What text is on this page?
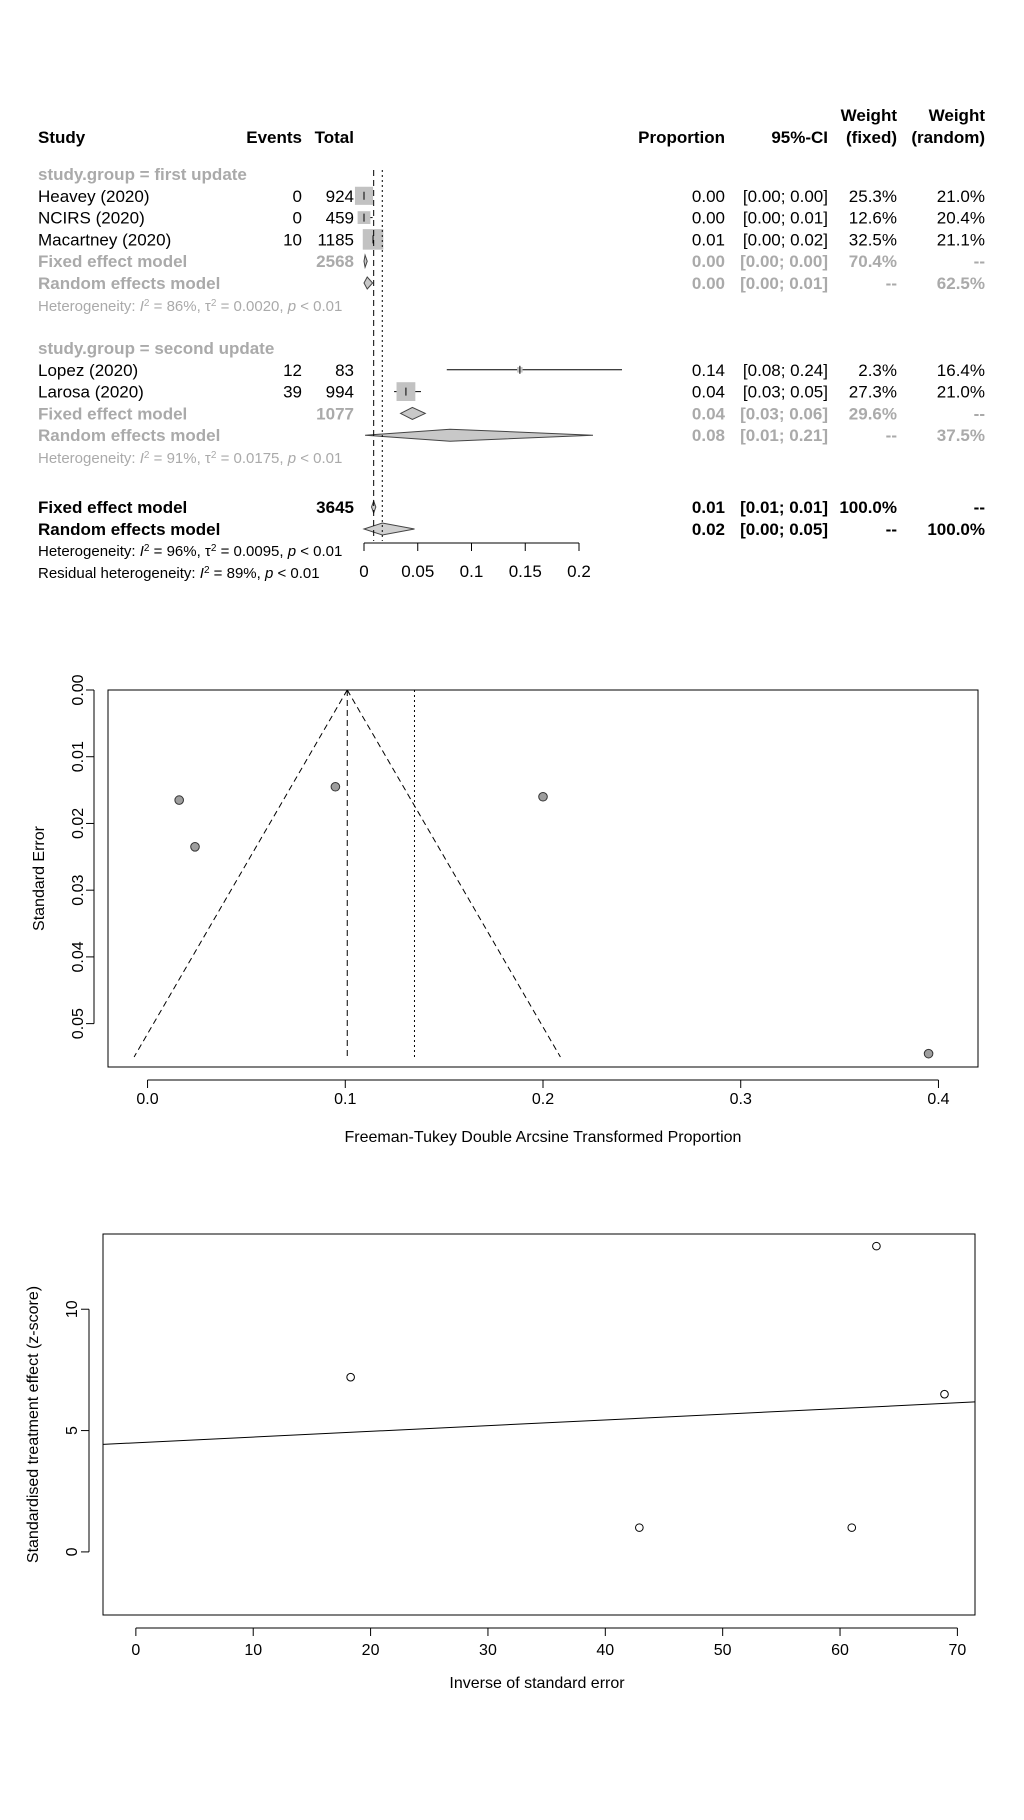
Study	Events Total	Proportion	95%-CI
Weight
(fixed)
Weight
(random)
study.group = first update
Heavey (2020)	0 924	0.00 [0.00; 0.00] 25.3% 21.0%
NCIRS (2020)	0 459	0.00 [0.00; 0.01] 12.6% 20.4%
Macartney (2020)	10 1185	0.01 [0.00; 0.02] 32.5% 21.1%
Fixed effect model	2568	0.00 [0.00; 0.00] 70.4%	--
Random effects model	0.00 [0.00; 0.01]	-- 62.5%
Heterogeneity: $I^2 = 86\%$, $\tau^2 = 0.0020$, p < 0.01
study.group = second update
Lopez (2020)	12 83	0.14 [0.08; 0.24] 2.3% 16.4%
Larosa (2020)	39 994	0.04 [0.03; 0.05] 27.3% 21.0%
Fixed effect model	1077	0.04 [0.03; 0.06] 29.6%	--
Random effects model	0.08 [0.01; 0.21]	-- 37.5%
Heterogeneity: $I^2 = 91\%$, $\tau^2 = 0.0175$, p < 0.01
Fixed effect model	3645	0.01 [0.01; 0.01] 100.0%	--
Random effects model	0.02 [0.00; 0.05]	-- 100.0%
Heterogeneity: $I^2 = 96\%$, $\tau^2 = 0.0095$, p < 0.01
Residual heterogeneity: $I^2 = 89\%$, p < 0.01 0 0.05 0.1 0.15 0.2
0.0	0.1	0.2	0.3	0.4
0.00
0.01
0.02
0.03
0.04
0.05
Freeman-Tukey Double Arcsine Transformed Proportion
Standard Error
0	10	20	30	40	50	60	70
0
5
10
Inverse of standard error
Standardised treatment effect (z-score)
